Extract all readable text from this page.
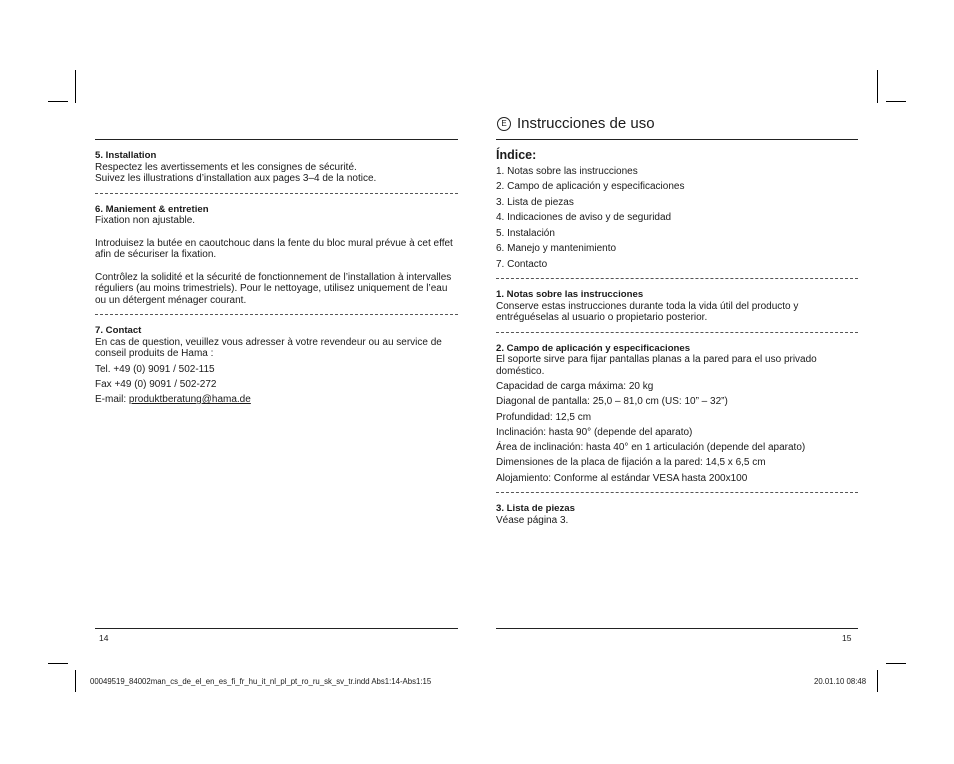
E Instrucciones de uso

5. Installation

Respectez les avertissements et les consignes de sécurité.

Suivez les illustrations d’installation aux pages 3–4 de la notice.

6. Maniement & entretien

Fixation non ajustable.

Introduisez la butée en caoutchouc dans la fente du bloc mural prévue à cet effet afin de sécuriser la fixation.

Contrôlez la solidité et la sécurité de fonctionnement de l’installation à intervalles réguliers (au moins trimestriels). Pour le nettoyage, utilisez uniquement de l’eau ou un détergent ménager courant.

7. Contact

En cas de question, veuillez vous adresser à votre revendeur ou au service de conseil produits de Hama :

Tel. +49 (0) 9091 / 502-115

Fax +49 (0) 9091 / 502-272

E-mail: produktberatung@hama.de

Índice:

1. Notas sobre las instrucciones

2. Campo de aplicación y especificaciones

3. Lista de piezas

4. Indicaciones de aviso y de seguridad

5. Instalación

6. Manejo y mantenimiento

7. Contacto

1. Notas sobre las instrucciones

Conserve estas instrucciones durante toda la vida útil del producto y entréguéselas al usuario o propietario posterior.

2. Campo de aplicación y especificaciones

El soporte sirve para fijar pantallas planas a la pared para el uso privado doméstico.

Capacidad de carga máxima: 20 kg

Diagonal de pantalla: 25,0 – 81,0 cm (US: 10” – 32”)

Profundidad: 12,5 cm

Inclinación: hasta 90° (depende del aparato)

Área de inclinación: hasta 40° en 1 articulación (depende del aparato)

Dimensiones de la placa de fijación a la pared: 14,5 x 6,5 cm

Alojamiento: Conforme al estándar VESA hasta 200x100

3. Lista de piezas

Véase página 3.

14	15
00049519_84002man_cs_de_el_en_es_fi_fr_hu_it_nl_pl_pt_ro_ru_sk_sv_tr.indd Abs1:14-Abs1:15	20.01.10 08:48
